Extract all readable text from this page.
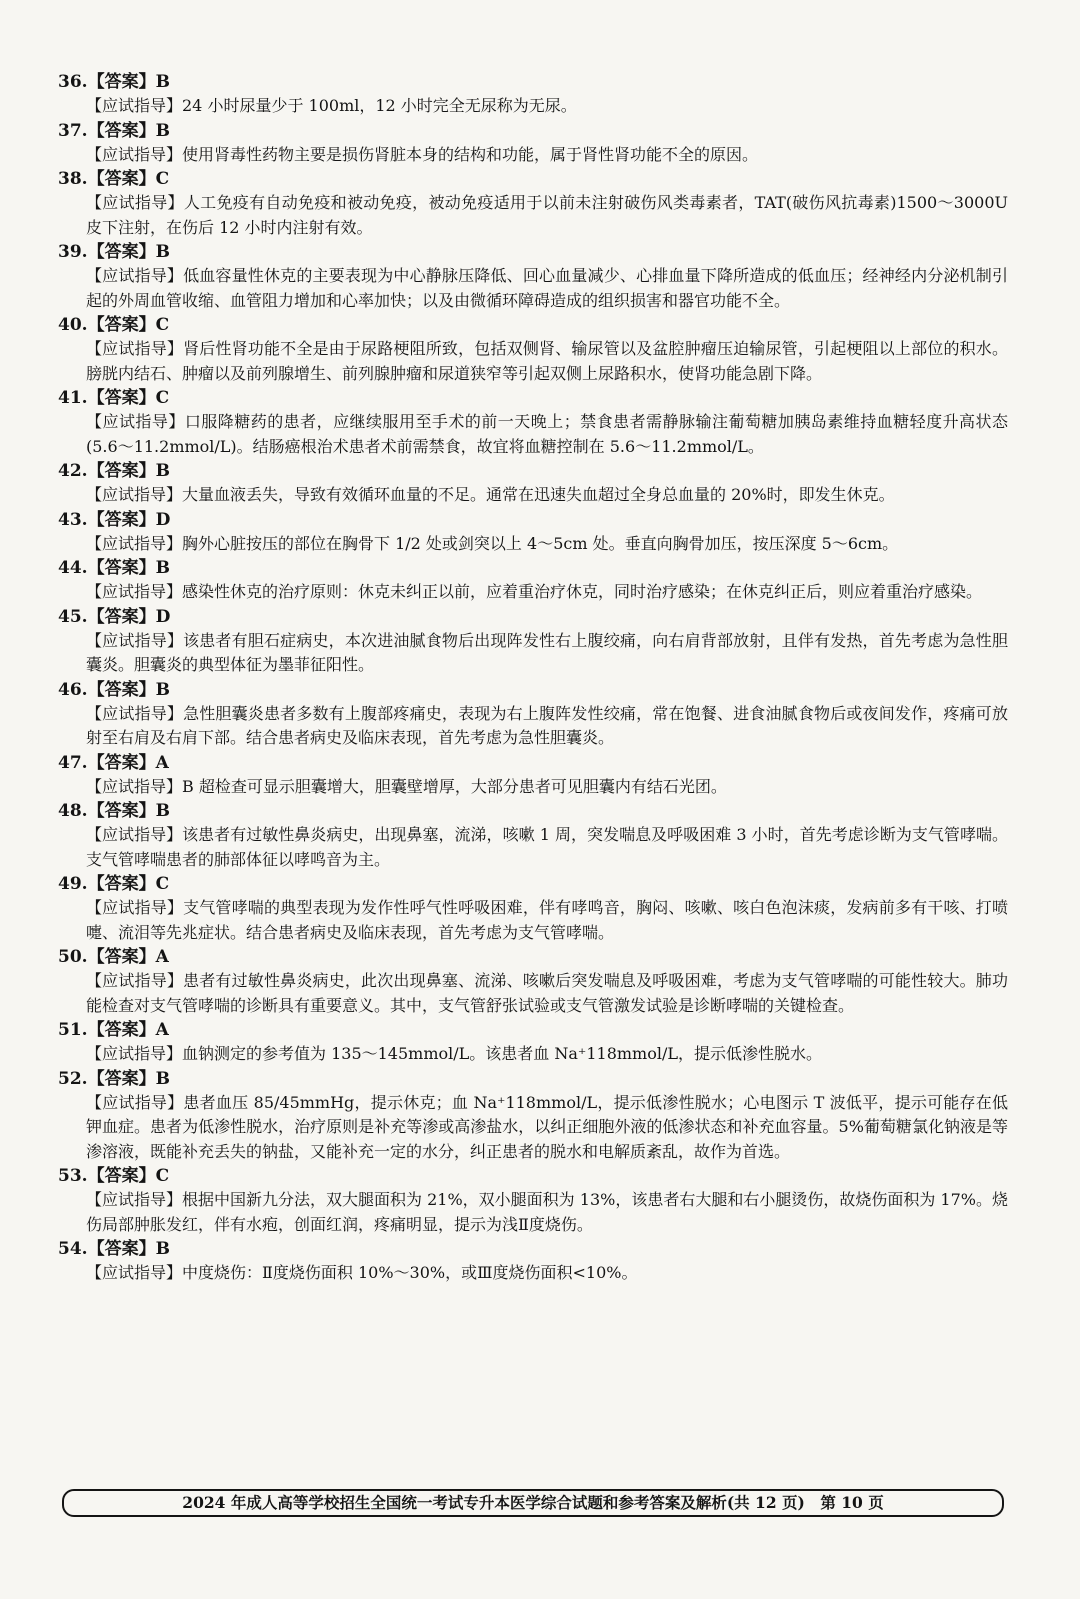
36.【答案】B
【应试指导】24 小时尿量少于 100ml，12 小时完全无尿称为无尿。
37.【答案】B
【应试指导】使用肾毒性药物主要是损伤肾脏本身的结构和功能，属于肾性肾功能不全的原因。
38.【答案】C
【应试指导】人工免疫有自动免疫和被动免疫，被动免疫适用于以前未注射破伤风类毒素者，TAT(破伤风抗毒素)1500～3000U 皮下注射，在伤后 12 小时内注射有效。
39.【答案】B
【应试指导】低血容量性休克的主要表现为中心静脉压降低、回心血量减少、心排血量下降所造成的低血压；经神经内分泌机制引起的外周血管收缩、血管阻力增加和心率加快；以及由微循环障碍造成的组织损害和器官功能不全。
40.【答案】C
【应试指导】肾后性肾功能不全是由于尿路梗阻所致，包括双侧肾、输尿管以及盆腔肿瘤压迫输尿管，引起梗阻以上部位的积水。膀胱内结石、肿瘤以及前列腺增生、前列腺肿瘤和尿道狭窄等引起双侧上尿路积水，使肾功能急剧下降。
41.【答案】C
【应试指导】口服降糖药的患者，应继续服用至手术的前一天晚上；禁食患者需静脉输注葡萄糖加胰岛素维持血糖轻度升高状态(5.6～11.2mmol/L)。结肠癌根治术患者术前需禁食，故宜将血糖控制在 5.6～11.2mmol/L。
42.【答案】B
【应试指导】大量血液丢失，导致有效循环血量的不足。通常在迅速失血超过全身总血量的 20%时，即发生休克。
43.【答案】D
【应试指导】胸外心脏按压的部位在胸骨下 1/2 处或剑突以上 4～5cm 处。垂直向胸骨加压，按压深度 5～6cm。
44.【答案】B
【应试指导】感染性休克的治疗原则：休克未纠正以前，应着重治疗休克，同时治疗感染；在休克纠正后，则应着重治疗感染。
45.【答案】D
【应试指导】该患者有胆石症病史，本次进油腻食物后出现阵发性右上腹绞痛，向右肩背部放射，且伴有发热，首先考虑为急性胆囊炎。胆囊炎的典型体征为墨菲征阳性。
46.【答案】B
【应试指导】急性胆囊炎患者多数有上腹部疼痛史，表现为右上腹阵发性绞痛，常在饱餐、进食油腻食物后或夜间发作，疼痛可放射至右肩及右肩下部。结合患者病史及临床表现，首先考虑为急性胆囊炎。
47.【答案】A
【应试指导】B 超检查可显示胆囊增大，胆囊壁增厚，大部分患者可见胆囊内有结石光团。
48.【答案】B
【应试指导】该患者有过敏性鼻炎病史，出现鼻塞，流涕，咳嗽 1 周，突发喘息及呼吸困难 3 小时，首先考虑诊断为支气管哮喘。支气管哮喘患者的肺部体征以哮鸣音为主。
49.【答案】C
【应试指导】支气管哮喘的典型表现为发作性呼气性呼吸困难，伴有哮鸣音，胸闷、咳嗽、咳白色泡沫痰，发病前多有干咳、打喷嚏、流泪等先兆症状。结合患者病史及临床表现，首先考虑为支气管哮喘。
50.【答案】A
【应试指导】患者有过敏性鼻炎病史，此次出现鼻塞、流涕、咳嗽后突发喘息及呼吸困难，考虑为支气管哮喘的可能性较大。肺功能检查对支气管哮喘的诊断具有重要意义。其中，支气管舒张试验或支气管激发试验是诊断哮喘的关键检查。
51.【答案】A
【应试指导】血钠测定的参考值为 135～145mmol/L。该患者血 Na⁺118mmol/L，提示低渗性脱水。
52.【答案】B
【应试指导】患者血压 85/45mmHg，提示休克；血 Na⁺118mmol/L，提示低渗性脱水；心电图示 T 波低平，提示可能存在低钾血症。患者为低渗性脱水，治疗原则是补充等渗或高渗盐水，以纠正细胞外液的低渗状态和补充血容量。5%葡萄糖氯化钠液是等渗溶液，既能补充丢失的钠盐，又能补充一定的水分，纠正患者的脱水和电解质紊乱，故作为首选。
53.【答案】C
【应试指导】根据中国新九分法，双大腿面积为 21%，双小腿面积为 13%，该患者右大腿和右小腿烫伤，故烧伤面积为 17%。烧伤局部肿胀发红，伴有水疱，创面红润，疼痛明显，提示为浅Ⅱ度烧伤。
54.【答案】B
【应试指导】中度烧伤：Ⅱ度烧伤面积 10%～30%，或Ⅲ度烧伤面积<10%。
2024 年成人高等学校招生全国统一考试专升本医学综合试题和参考答案及解析(共 12 页)　第 10 页
